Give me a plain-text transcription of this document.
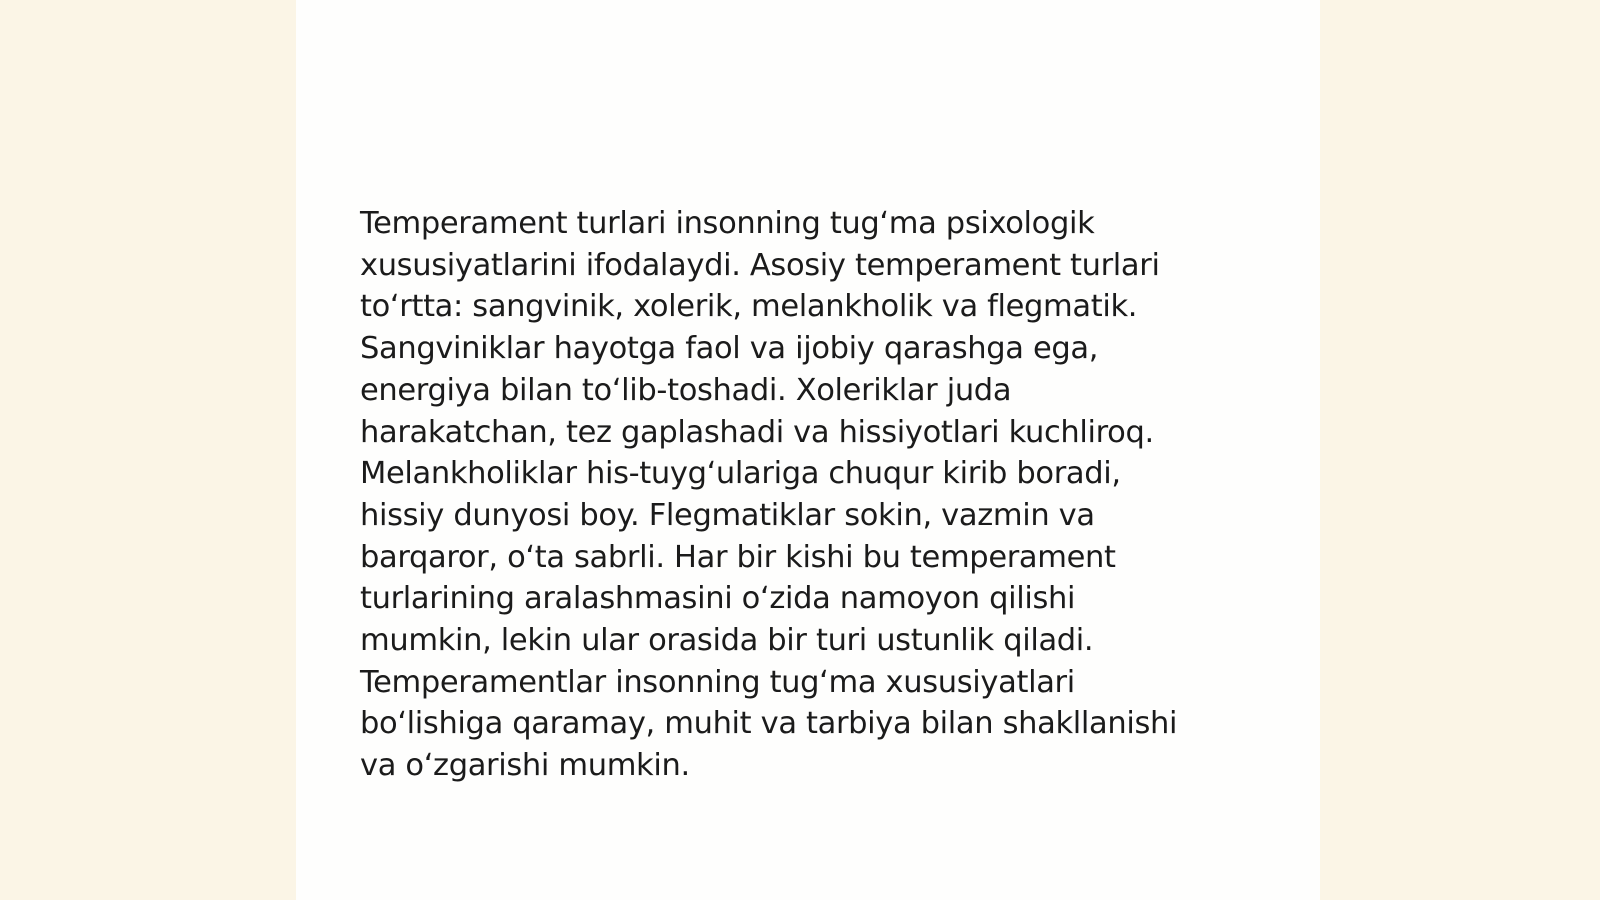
Temperament turlari insonning tug‘ma psixologik
xususiyatlarini ifodalaydi. Asosiy temperament turlari
to‘rtta: sangvinik, xolerik, melankholik va flegmatik.
Sangviniklar hayotga faol va ijobiy qarashga ega,
energiya bilan to‘lib-toshadi. Xoleriklar juda
harakatchan, tez gaplashadi va hissiyotlari kuchliroq.
Melankholiklar his-tuyg‘ulariga chuqur kirib boradi,
hissiy dunyosi boy. Flegmatiklar sokin, vazmin va
barqaror, o‘ta sabrli. Har bir kishi bu temperament
turlarining aralashmasini o‘zida namoyon qilishi
mumkin, lekin ular orasida bir turi ustunlik qiladi.
Temperamentlar insonning tug‘ma xususiyatlari
bo‘lishiga qaramay, muhit va tarbiya bilan shakllanishi
va o‘zgarishi mumkin.
